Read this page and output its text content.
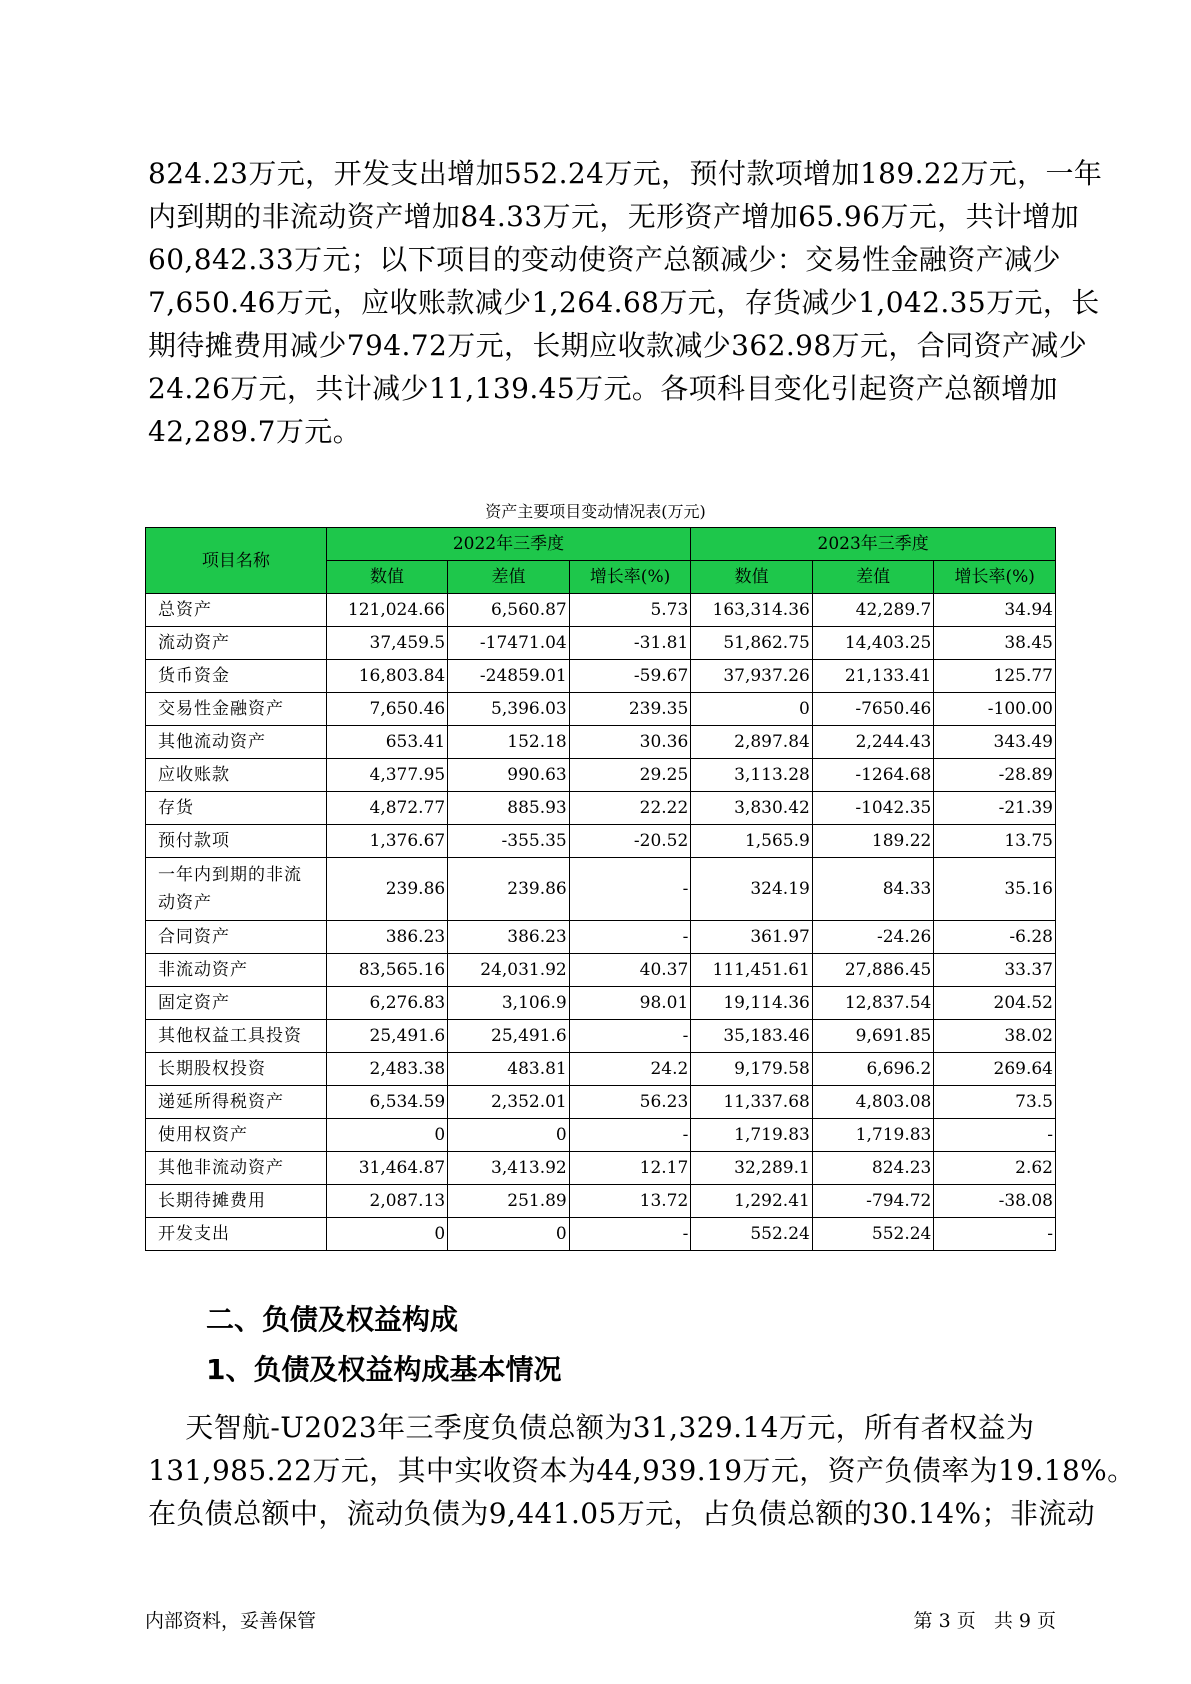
824.23万元，开发支出增加552.24万元，预付款项增加189.22万元，一年
内到期的非流动资产增加84.33万元，无形资产增加65.96万元，共计增加
60,842.33万元；以下项目的变动使资产总额减少：交易性金融资产减少
7,650.46万元，应收账款减少1,264.68万元，存货减少1,042.35万元，长
期待摊费用减少794.72万元，长期应收款减少362.98万元，合同资产减少
24.26万元，共计减少11,139.45万元。各项科目变化引起资产总额增加
42,289.7万元。
资产主要项目变动情况表(万元)
项目名称	2022年三季度			2023年三季度		
	数值	差值	增长率(%)	数值	差值	增长率(%)
总资产	121,024.66	6,560.87	5.73	163,314.36	42,289.7	34.94
流动资产	37,459.5	-17471.04	-31.81	51,862.75	14,403.25	38.45
货币资金	16,803.84	-24859.01	-59.67	37,937.26	21,133.41	125.77
交易性金融资产	7,650.46	5,396.03	239.35	0	-7650.46	-100.00
其他流动资产	653.41	152.18	30.36	2,897.84	2,244.43	343.49
应收账款	4,377.95	990.63	29.25	3,113.28	-1264.68	-28.89
存货	4,872.77	885.93	22.22	3,830.42	-1042.35	-21.39
预付款项	1,376.67	-355.35	-20.52	1,565.9	189.22	13.75

一年内到期的非流
动资产	239.86	239.86	-	324.19	84.33	35.16
合同资产	386.23	386.23	-	361.97	-24.26	-6.28
非流动资产	83,565.16	24,031.92	40.37	111,451.61	27,886.45	33.37
固定资产	6,276.83	3,106.9	98.01	19,114.36	12,837.54	204.52
其他权益工具投资	25,491.6	25,491.6	-	35,183.46	9,691.85	38.02
长期股权投资	2,483.38	483.81	24.2	9,179.58	6,696.2	269.64
递延所得税资产	6,534.59	2,352.01	56.23	11,337.68	4,803.08	73.5
使用权资产	0	0	-	1,719.83	1,719.83	-
其他非流动资产	31,464.87	3,413.92	12.17	32,289.1	824.23	2.62
长期待摊费用	2,087.13	251.89	13.72	1,292.41	-794.72	-38.08
开发支出	0	0	-	552.24	552.24	-
二、负债及权益构成
1、负债及权益构成基本情况
天智航-U2023年三季度负债总额为31,329.14万元，所有者权益为
131,985.22万元，其中实收资本为44,939.19万元，资产负债率为19.18%。
在负债总额中，流动负债为9,441.05万元，占负债总额的30.14%；非流动
内部资料，妥善保管	第 3 页   共 9 页
